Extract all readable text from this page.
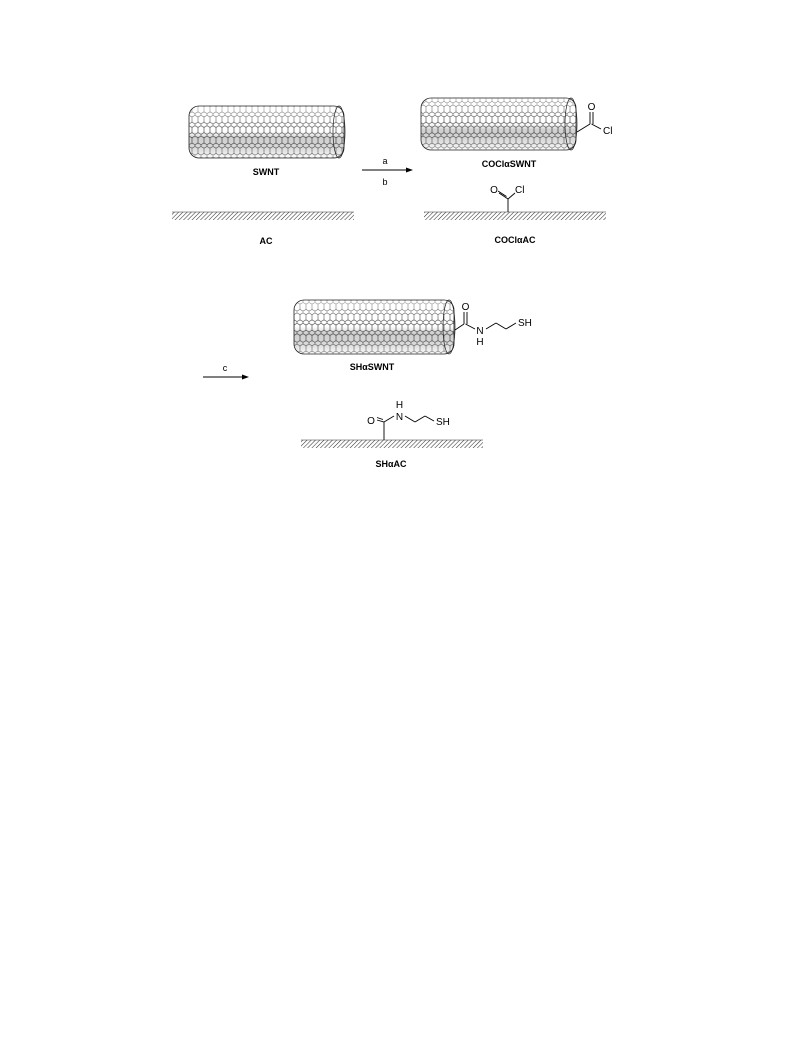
SWNT
AC
a
b
O
Cl
COClαSWNT
O Cl
COClαAC
c
O
N
H
SH
SHαSWNT
O
H
N	SH
SHαAC
